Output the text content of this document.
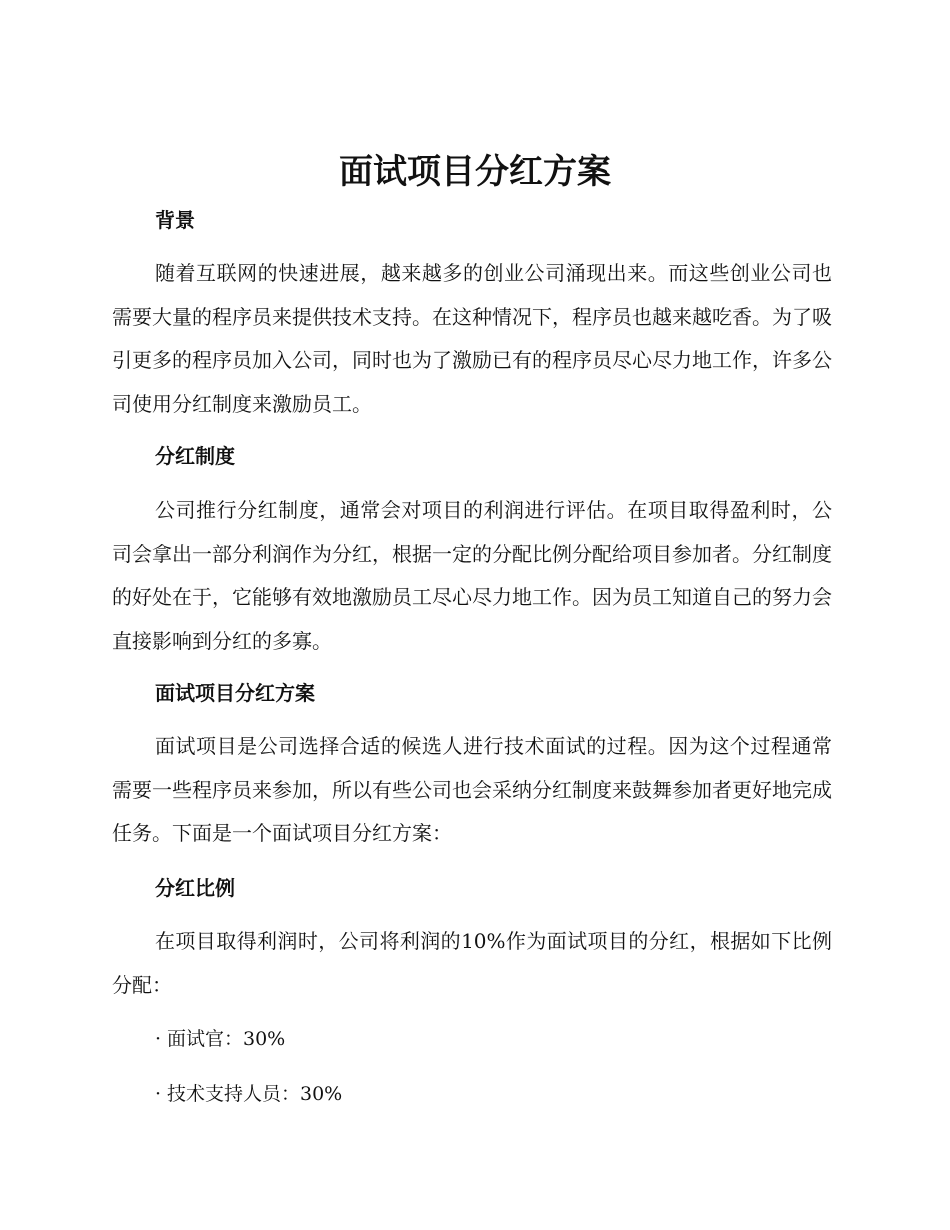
面试项目分红方案
背景

随着互联网的快速进展，越来越多的创业公司涌现出来。而这些创业公司也需要大量的程序员来提供技术支持。在这种情况下，程序员也越来越吃香。为了吸引更多的程序员加入公司，同时也为了激励已有的程序员尽心尽力地工作，许多公司使用分红制度来激励员工。

分红制度

公司推行分红制度，通常会对项目的利润进行评估。在项目取得盈利时，公司会拿出一部分利润作为分红，根据一定的分配比例分配给项目参加者。分红制度的好处在于，它能够有效地激励员工尽心尽力地工作。因为员工知道自己的努力会直接影响到分红的多寡。

面试项目分红方案

面试项目是公司选择合适的候选人进行技术面试的过程。因为这个过程通常需要一些程序员来参加，所以有些公司也会采纳分红制度来鼓舞参加者更好地完成任务。下面是一个面试项目分红方案：

分红比例

在项目取得利润时，公司将利润的10%作为面试项目的分红，根据如下比例分配：

· 面试官：30%

· 技术支持人员：30%
